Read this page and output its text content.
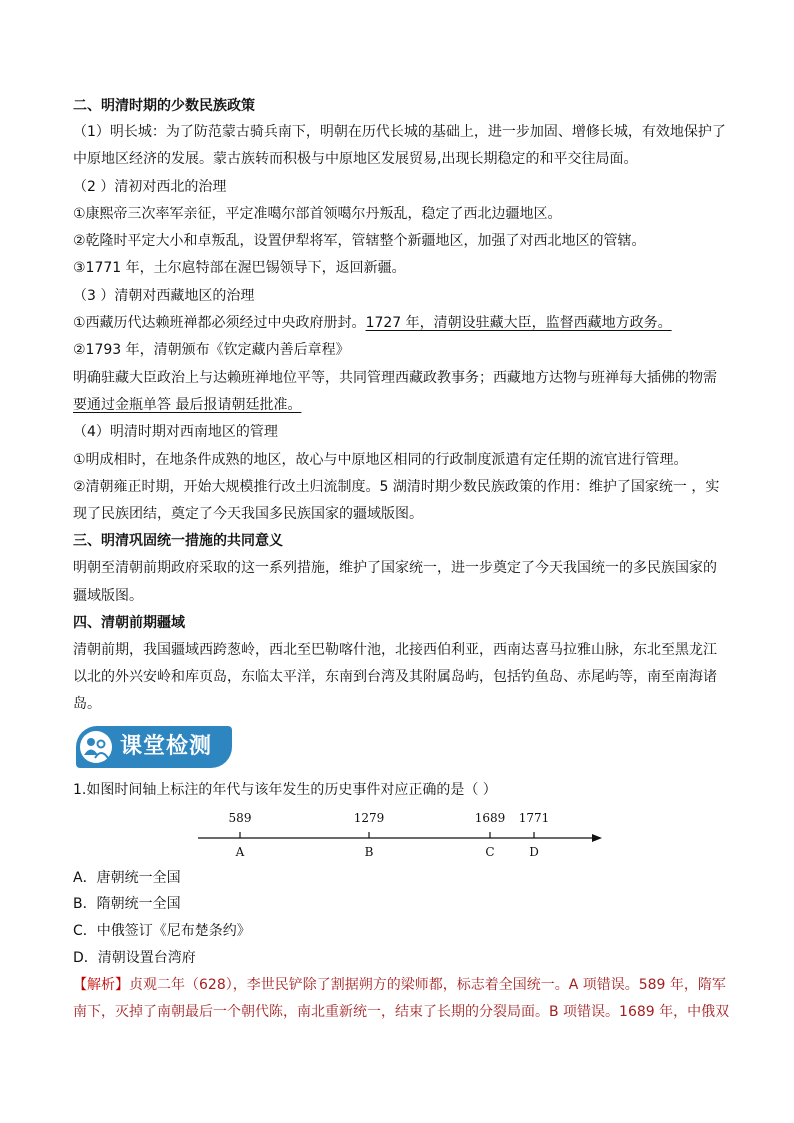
二、明清时期的少数民族政策
（1）明长城：为了防范蒙古骑兵南下，明朝在历代长城的基础上，进一步加固、增修长城，有效地保护了
中原地区经济的发展。蒙古族转而积极与中原地区发展贸易,出现长期稳定的和平交往局面。
（2 ）清初对西北的治理
①康熙帝三次率军亲征，平定准噶尔部首领噶尔丹叛乱，稳定了西北边疆地区。
②乾隆时平定大小和卓叛乱，设置伊犁将军，管辖整个新疆地区，加强了对西北地区的管辖。
③1771 年，土尔扈特部在渥巴锡领导下，返回新疆。
（3 ）清朝对西藏地区的治理
①西藏历代达赖班禅都必须经过中央政府册封。1727 年，清朝设驻藏大臣，监督西藏地方政务。
②1793 年，清朝颁布《钦定藏内善后章程》
明确驻藏大臣政治上与达赖班禅地位平等，共同管理西藏政教事务；西藏地方达物与班禅每大插佛的物需
要通过金瓶单答 最后报请朝廷批准。
（4）明清时期对西南地区的管理
①明成相时，在地条件成熟的地区，故心与中原地区相同的行政制度派遣有定任期的流官进行管理。
②清朝雍正时期，开始大规模推行改土归流制度。5 湖清时期少数民族政策的作用：维护了国家统一 ，实
现了民族团结，奠定了今天我国多民族国家的疆域版图。
三、明清巩固统一措施的共同意义
明朝至清朝前期政府采取的这一系列措施，维护了国家统一，进一步奠定了今天我国统一的多民族国家的
疆域版图。
四、清朝前期疆域
清朝前期，我国疆域西跨葱岭，西北至巴勒喀什池，北接西伯利亚，西南达喜马拉雅山脉，东北至黑龙江
以北的外兴安岭和库页岛，东临太平洋，东南到台湾及其附属岛屿，包括钓鱼岛、赤尾屿等，南至南海诸
岛。
课堂检测
1.如图时间轴上标注的年代与该年发生的历史事件对应正确的是（ ）
589
A
1279
B
1689
C
1771
D
A．唐朝统一全国
B．隋朝统一全国
C．中俄签订《尼布楚条约》
D．清朝设置台湾府
【解析】贞观二年（628），李世民铲除了割据朔方的梁师都，标志着全国统一。A 项错误。589 年，隋军
南下，灭掉了南朝最后一个朝代陈，南北重新统一，结束了长期的分裂局面。B 项错误。1689 年，中俄双
